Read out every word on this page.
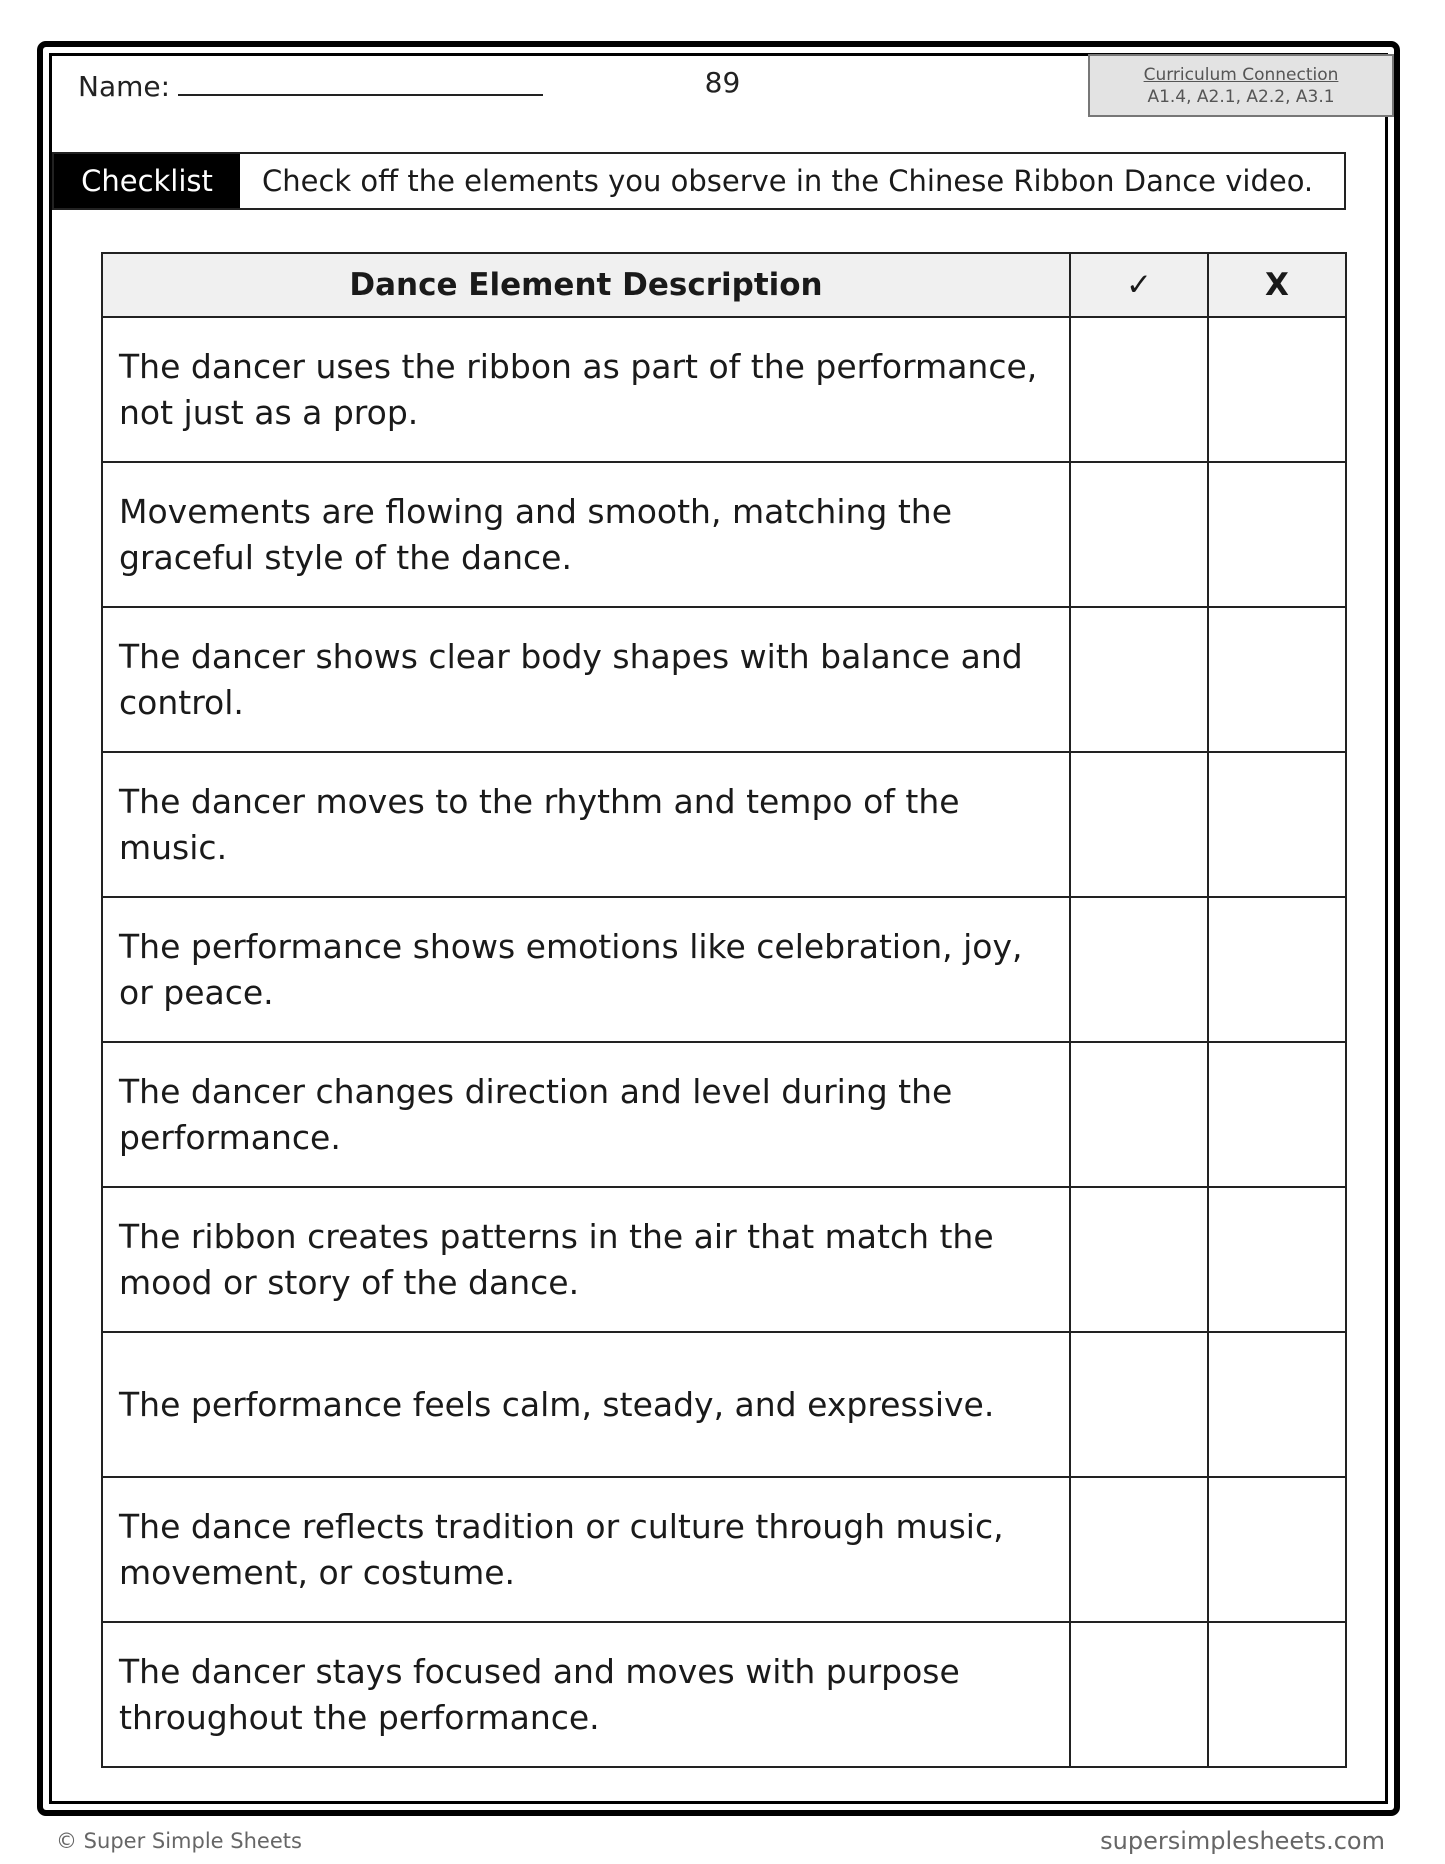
Name:	89	Curriculum Connection
A1.4, A2.1, A2.2, A3.1
Checklist	Check off the elements you observe in the Chinese Ribbon Dance video.
Dance Element Description	✓	X
The dancer uses the ribbon as part of the performance, not just as a prop.		
Movements are flowing and smooth, matching the graceful style of the dance.		
The dancer shows clear body shapes with balance and control.		
The dancer moves to the rhythm and tempo of the music.		
The performance shows emotions like celebration, joy, or peace.		
The dancer changes direction and level during the performance.		
The ribbon creates patterns in the air that match the mood or story of the dance.		
The performance feels calm, steady, and expressive.		
The dance reflects tradition or culture through music, movement, or costume.		
The dancer stays focused and moves with purpose throughout the performance.		
© Super Simple Sheets	supersimplesheets.com
